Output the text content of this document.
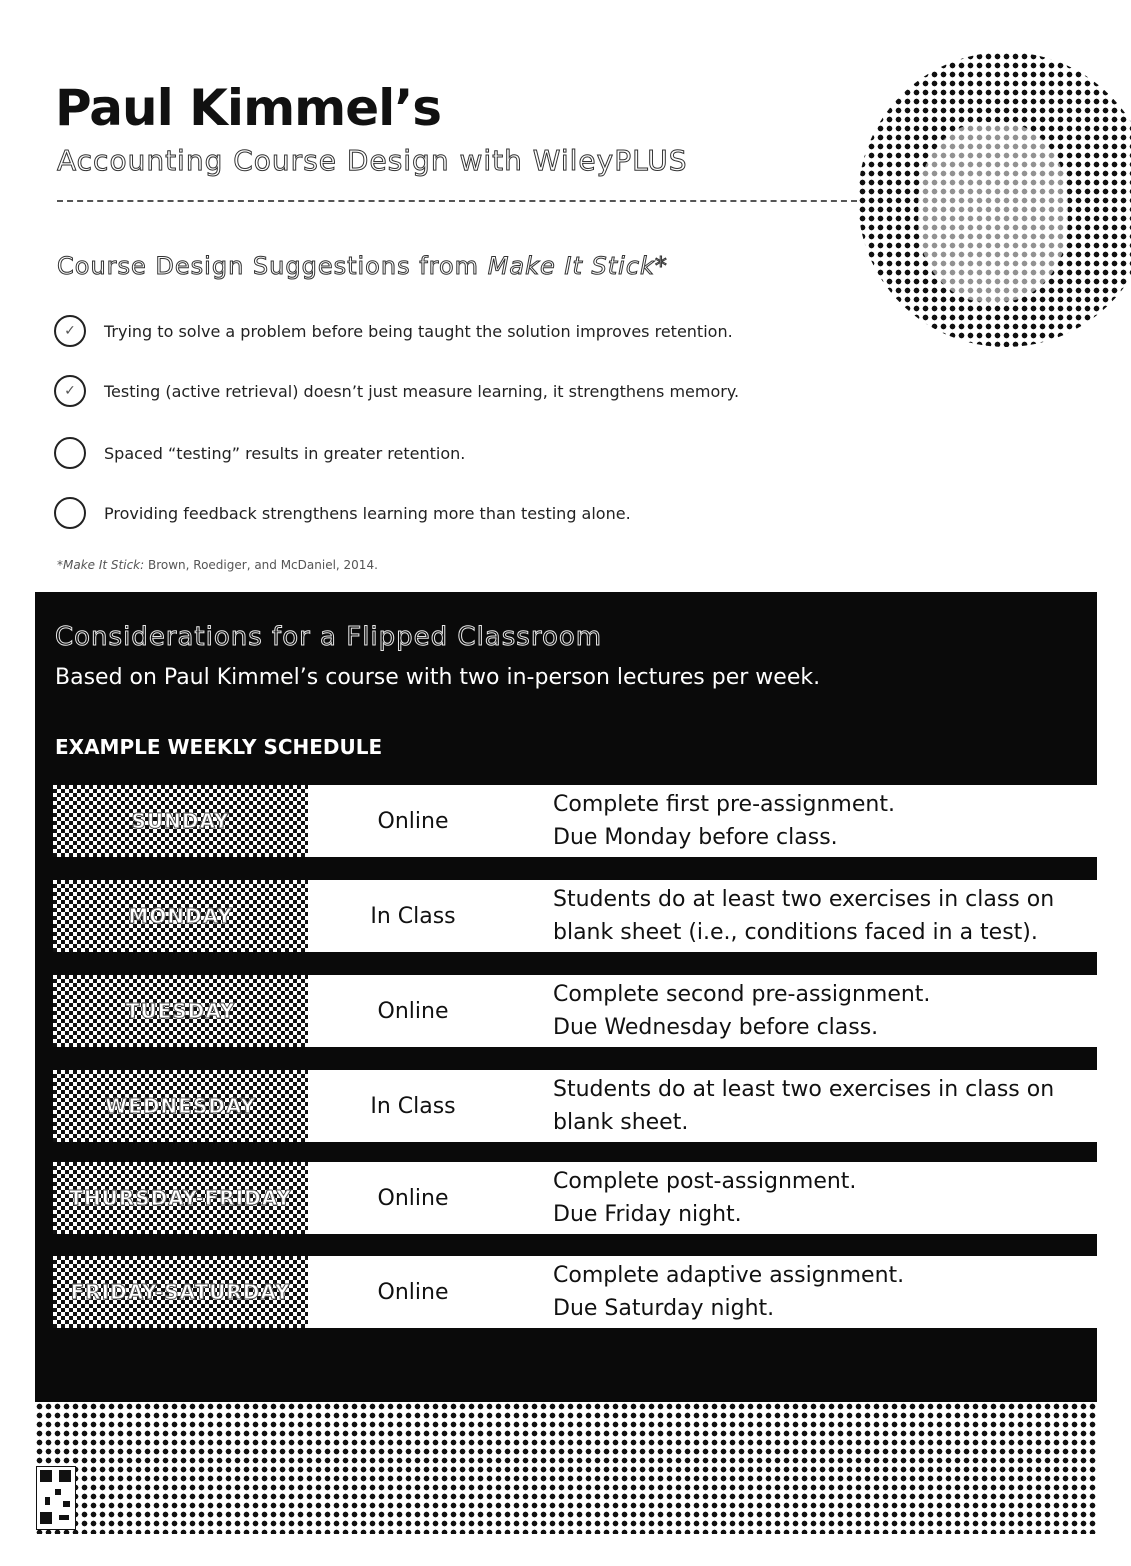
Paul Kimmel’s
Accounting Course Design with WileyPLUS
Course Design Suggestions from Make It Stick*
✓	Trying to solve a problem before being taught the solution improves retention.
✓	Testing (active retrieval) doesn’t just measure learning, it strengthens memory.
Spaced “testing” results in greater retention.
Providing feedback strengthens learning more than testing alone.
*Make It Stick: Brown, Roediger, and McDaniel, 2014.
Considerations for a Flipped Classroom
Based on Paul Kimmel’s course with two in-person lectures per week.
EXAMPLE WEEKLY SCHEDULE
SUNDAY	Online
Complete first pre-assignment.
Due Monday before class.
MONDAY	In Class
Students do at least two exercises in class on
blank sheet (i.e., conditions faced in a test).
TUESDAY	Online
Complete second pre-assignment.
Due Wednesday before class.
WEDNESDAY	In Class
Students do at least two exercises in class on
blank sheet.
THURSDAY-FRIDAY	Online
Complete post-assignment.
Due Friday night.
FRIDAY-SATURDAY	Online
Complete adaptive assignment.
Due Saturday night.
